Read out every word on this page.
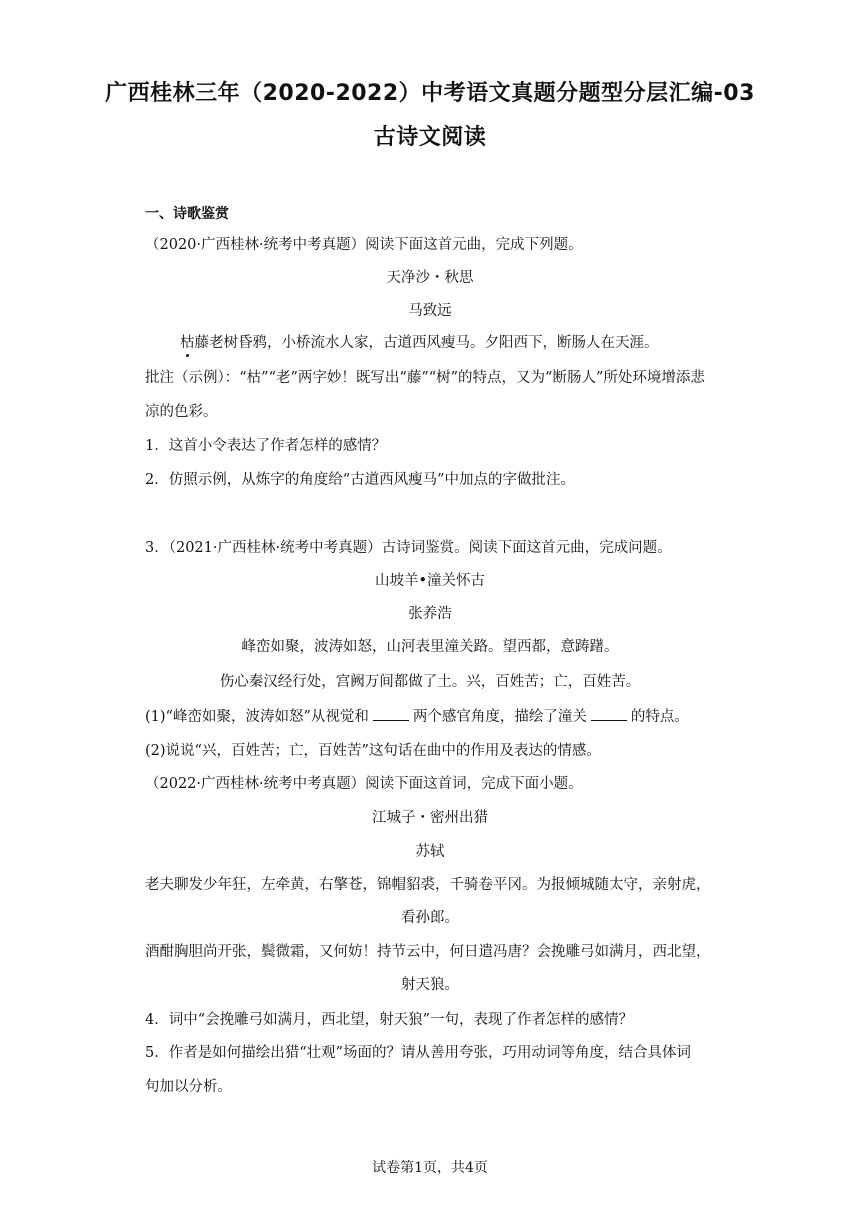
广西桂林三年（2020-2022）中考语文真题分题型分层汇编-03
古诗文阅读
一、诗歌鉴赏
（2020·广西桂林·统考中考真题）阅读下面这首元曲，完成下列题。
天净沙・秋思
马致远
枯藤老树昏鸦，小桥流水人家，古道西风瘦马。夕阳西下，断肠人在天涯。
批注（示例）：“枯”“老”两字妙！既写出“藤”“树”的特点，又为“断肠人”所处环境增添悲
凉的色彩。
1．这首小令表达了作者怎样的感情？
2．仿照示例，从炼字的角度给“古道西风瘦马”中加点的字做批注。
3．（2021·广西桂林·统考中考真题）古诗词鉴赏。阅读下面这首元曲，完成问题。
山坡羊•潼关怀古
张养浩
峰峦如聚，波涛如怒，山河表里潼关路。望西都，意踌躇。
伤心秦汉经行处，宫阙万间都做了土。兴，百姓苦；亡，百姓苦。
(1)“峰峦如聚，波涛如怒”从视觉和	两个感官角度，描绘了潼关	的特点。
(2)说说“兴，百姓苦；亡，百姓苦”这句话在曲中的作用及表达的情感。
（2022·广西桂林·统考中考真题）阅读下面这首词，完成下面小题。
江城子・密州出猎
苏轼
老夫聊发少年狂，左牵黄，右擎苍，锦帽貂裘，千骑卷平冈。为报倾城随太守，亲射虎，
看孙郎。
酒酣胸胆尚开张，鬓微霜，又何妨！持节云中，何日遣冯唐？会挽雕弓如满月，西北望，
射天狼。
4．词中“会挽雕弓如满月，西北望，射天狼”一句，表现了作者怎样的感情？
5．作者是如何描绘出猎“壮观”场面的？请从善用夸张，巧用动词等角度，结合具体词
句加以分析。
试卷第1页，共4页
